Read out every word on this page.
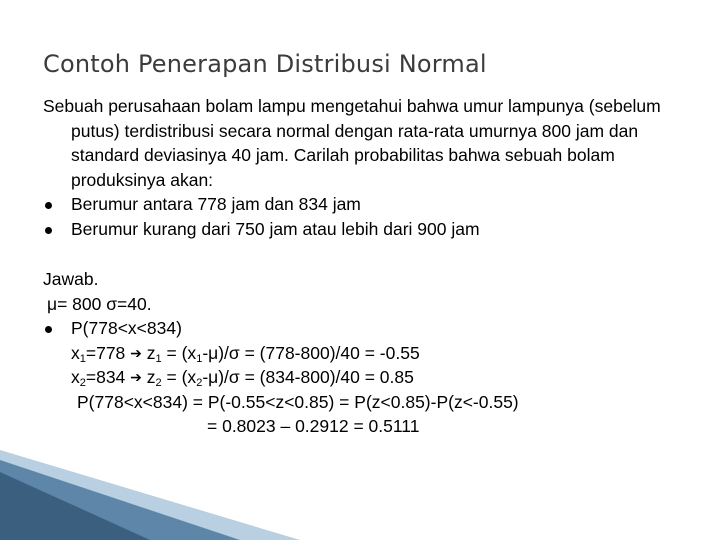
Contoh Penerapan Distribusi Normal

Sebuah perusahaan bolam lampu mengetahui bahwa umur lampunya (sebelum putus) terdistribusi secara normal dengan rata-rata umurnya 800 jam dan standard deviasinya 40 jam. Carilah probabilitas bahwa sebuah bolam produksinya akan:

Berumur antara 778 jam dan 834 jam
Berumur kurang dari 750 jam atau lebih dari 900 jam
Jawab.
μ= 800 σ=40.
P(778<x<834)
$x_1=778$ ➔ $z_1 = (x_1-\mu)/\sigma = (778-800)/40 = -0.55$
$x_2=834$ ➔ $z_2 = (x_2-\mu)/\sigma = (834-800)/40 = 0.85$
P(778<x<834) = P(-0.55<z<0.85) = P(z<0.85)-P(z<-0.55)
= 0.8023 – 0.2912 = 0.5111
